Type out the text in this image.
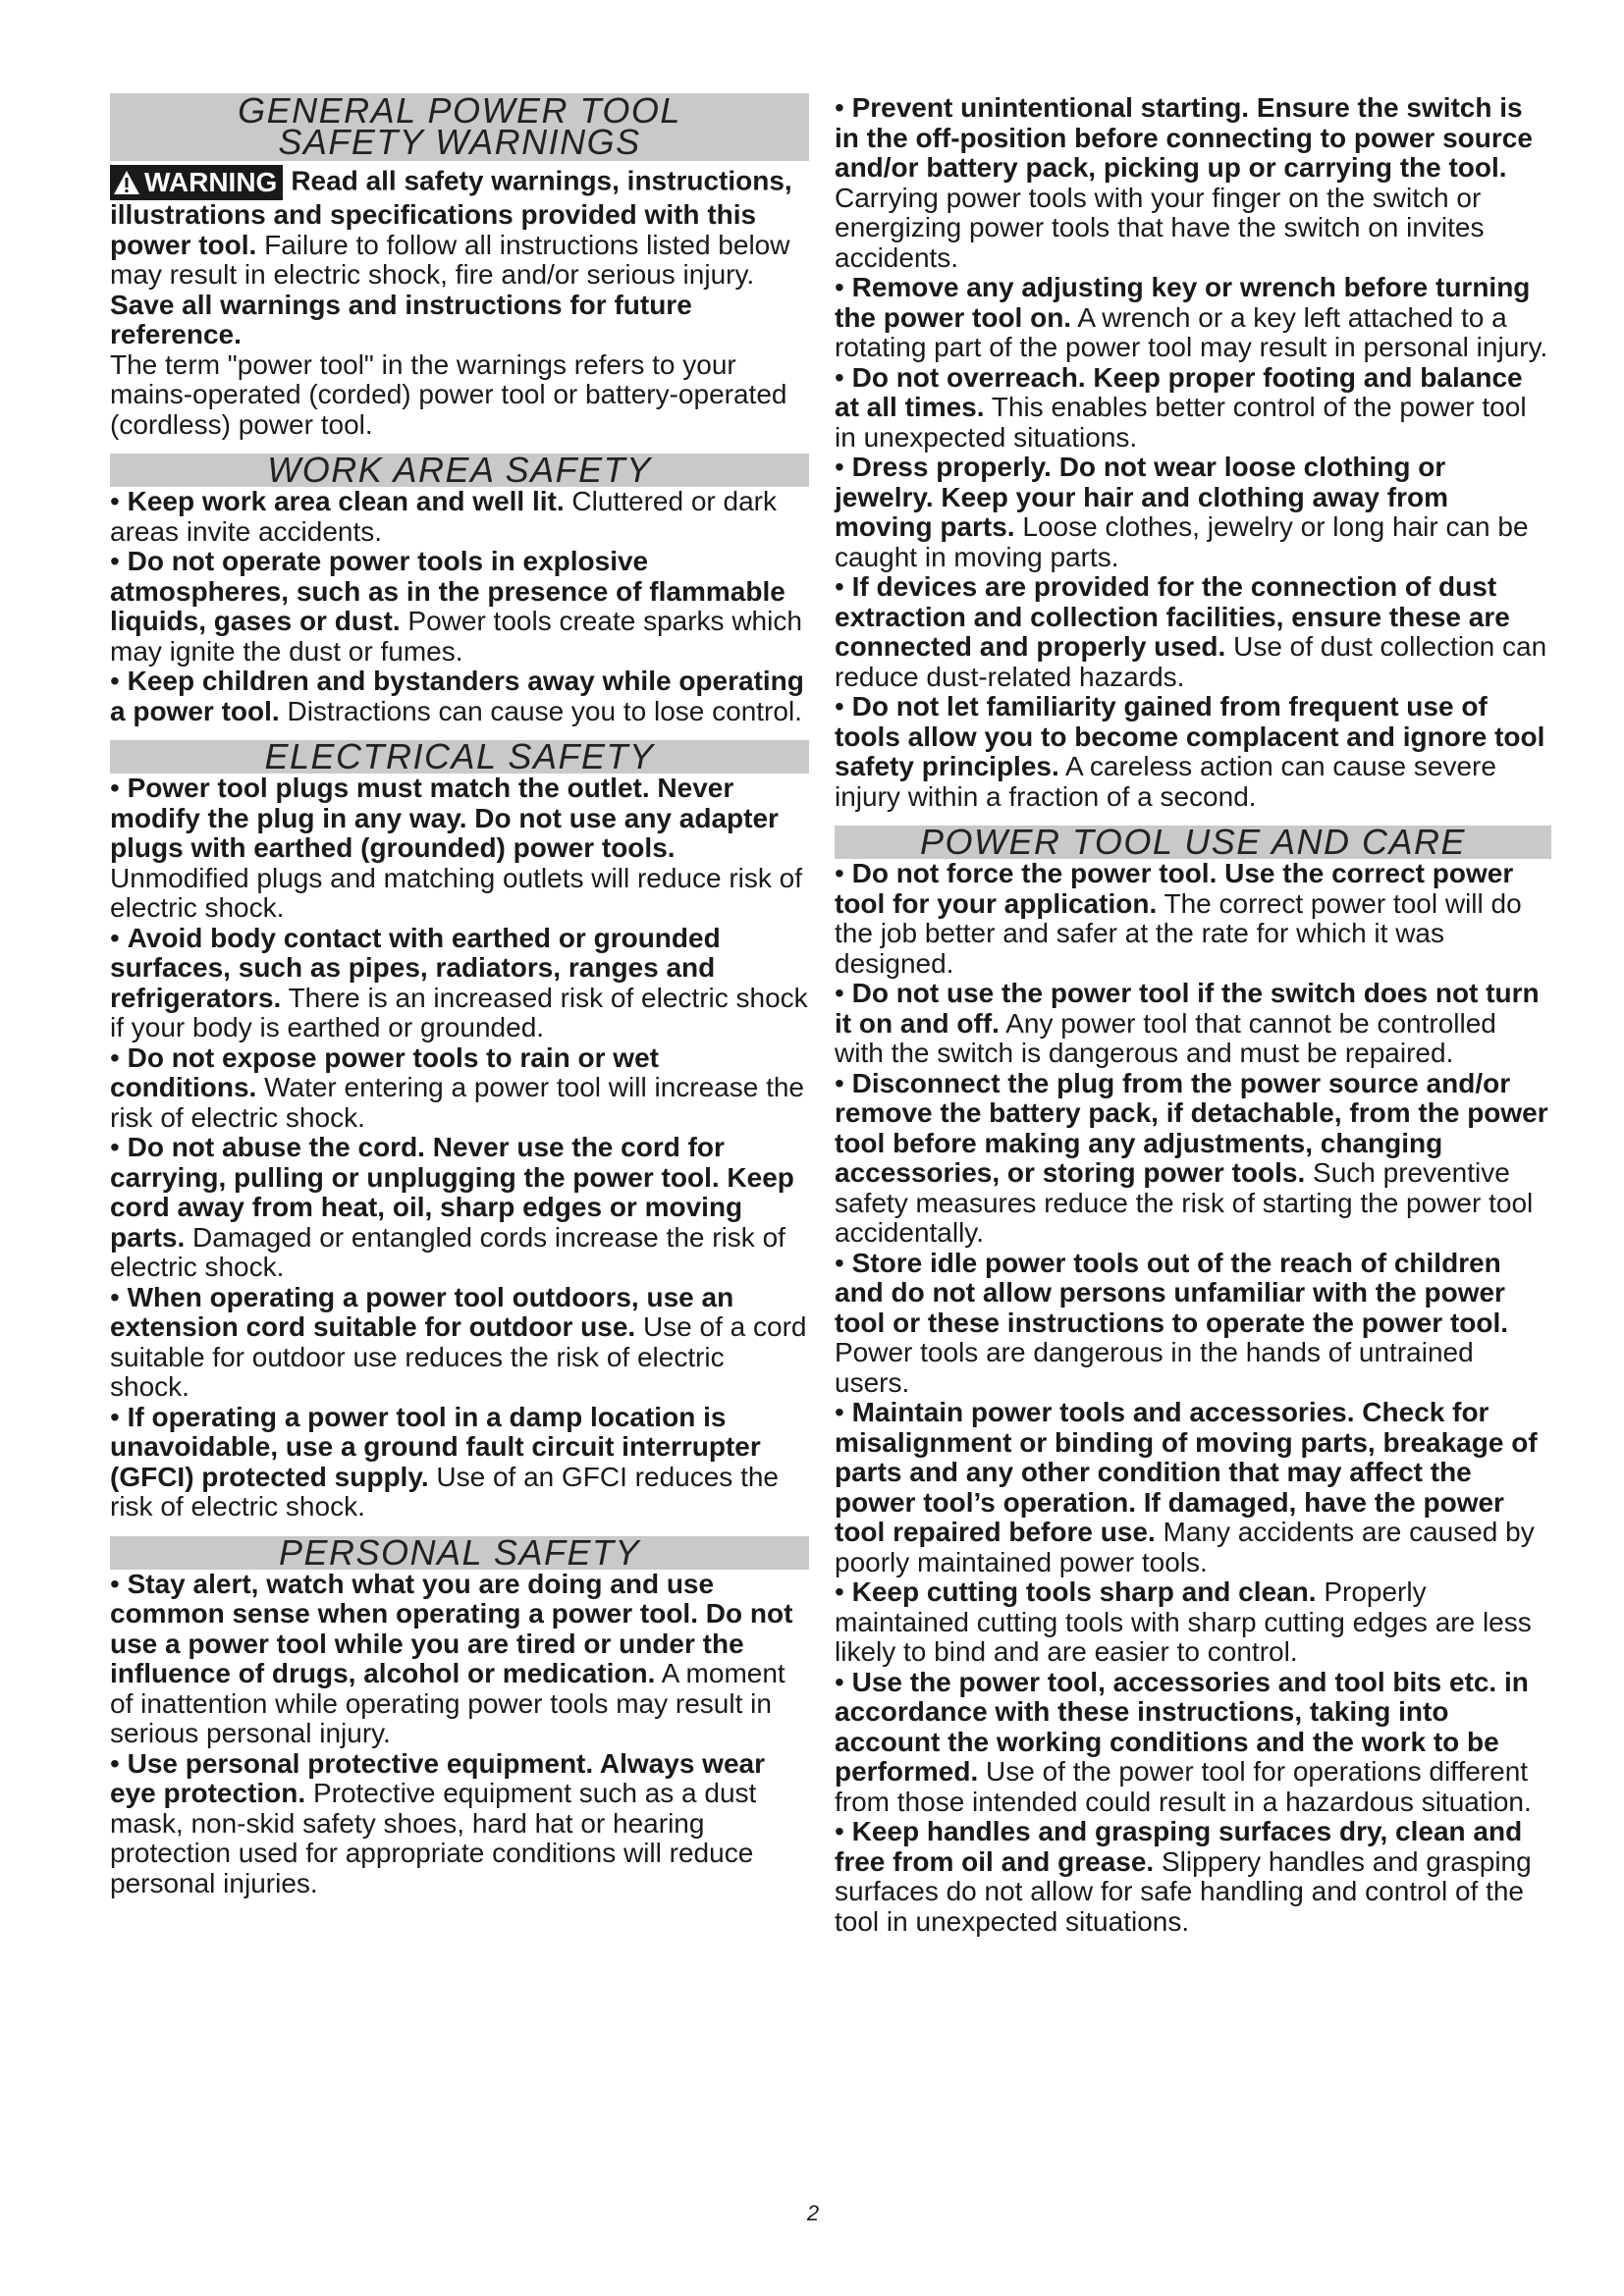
GENERAL POWER TOOL
SAFETY WARNINGS

WARNING Read all safety warnings, instructions, illustrations and specifications provided with this power tool. Failure to follow all instructions listed below may result in electric shock, fire and/or serious injury. Save all warnings and instructions for future reference.

The term "power tool" in the warnings refers to your mains-operated (corded) power tool or battery-operated (cordless) power tool.

WORK AREA SAFETY

• Keep work area clean and well lit. Cluttered or dark areas invite accidents.

• Do not operate power tools in explosive atmospheres, such as in the presence of flammable liquids, gases or dust. Power tools create sparks which may ignite the dust or fumes.

• Keep children and bystanders away while operating a power tool. Distractions can cause you to lose control.

ELECTRICAL SAFETY

• Power tool plugs must match the outlet. Never modify the plug in any way. Do not use any adapter plugs with earthed (grounded) power tools. Unmodified plugs and matching outlets will reduce risk of electric shock.

• Avoid body contact with earthed or grounded surfaces, such as pipes, radiators, ranges and refrigerators. There is an increased risk of electric shock if your body is earthed or grounded.

• Do not expose power tools to rain or wet conditions. Water entering a power tool will increase the risk of electric shock.

• Do not abuse the cord. Never use the cord for carrying, pulling or unplugging the power tool. Keep cord away from heat, oil, sharp edges or moving parts. Damaged or entangled cords increase the risk of electric shock.

• When operating a power tool outdoors, use an extension cord suitable for outdoor use. Use of a cord suitable for outdoor use reduces the risk of electric shock.

• If operating a power tool in a damp location is unavoidable, use a ground fault circuit interrupter (GFCI) protected supply. Use of an GFCI reduces the risk of electric shock.

PERSONAL SAFETY

• Stay alert, watch what you are doing and use common sense when operating a power tool. Do not use a power tool while you are tired or under the influence of drugs, alcohol or medication. A moment of inattention while operating power tools may result in serious personal injury.

• Use personal protective equipment. Always wear eye protection. Protective equipment such as a dust mask, non-skid safety shoes, hard hat or hearing protection used for appropriate conditions will reduce personal injuries.

• Prevent unintentional starting. Ensure the switch is in the off-position before connecting to power source and/or battery pack, picking up or carrying the tool. Carrying power tools with your finger on the switch or energizing power tools that have the switch on invites accidents.

• Remove any adjusting key or wrench before turning the power tool on. A wrench or a key left attached to a rotating part of the power tool may result in personal injury.

• Do not overreach. Keep proper footing and balance at all times. This enables better control of the power tool in unexpected situations.

• Dress properly. Do not wear loose clothing or jewelry. Keep your hair and clothing away from moving parts. Loose clothes, jewelry or long hair can be caught in moving parts.

• If devices are provided for the connection of dust extraction and collection facilities, ensure these are connected and properly used. Use of dust collection can reduce dust-related hazards.

• Do not let familiarity gained from frequent use of tools allow you to become complacent and ignore tool safety principles. A careless action can cause severe injury within a fraction of a second.

POWER TOOL USE AND CARE

• Do not force the power tool. Use the correct power tool for your application. The correct power tool will do the job better and safer at the rate for which it was designed.

• Do not use the power tool if the switch does not turn it on and off. Any power tool that cannot be controlled with the switch is dangerous and must be repaired.

• Disconnect the plug from the power source and/or remove the battery pack, if detachable, from the power tool before making any adjustments, changing accessories, or storing power tools. Such preventive safety measures reduce the risk of starting the power tool accidentally.

• Store idle power tools out of the reach of children and do not allow persons unfamiliar with the power tool or these instructions to operate the power tool. Power tools are dangerous in the hands of untrained users.

• Maintain power tools and accessories. Check for misalignment or binding of moving parts, breakage of parts and any other condition that may affect the power tool’s operation. If damaged, have the power tool repaired before use. Many accidents are caused by poorly maintained power tools.

• Keep cutting tools sharp and clean. Properly maintained cutting tools with sharp cutting edges are less likely to bind and are easier to control.

• Use the power tool, accessories and tool bits etc. in accordance with these instructions, taking into account the working conditions and the work to be performed. Use of the power tool for operations different from those intended could result in a hazardous situation.

• Keep handles and grasping surfaces dry, clean and free from oil and grease. Slippery handles and grasping surfaces do not allow for safe handling and control of the tool in unexpected situations.

2
